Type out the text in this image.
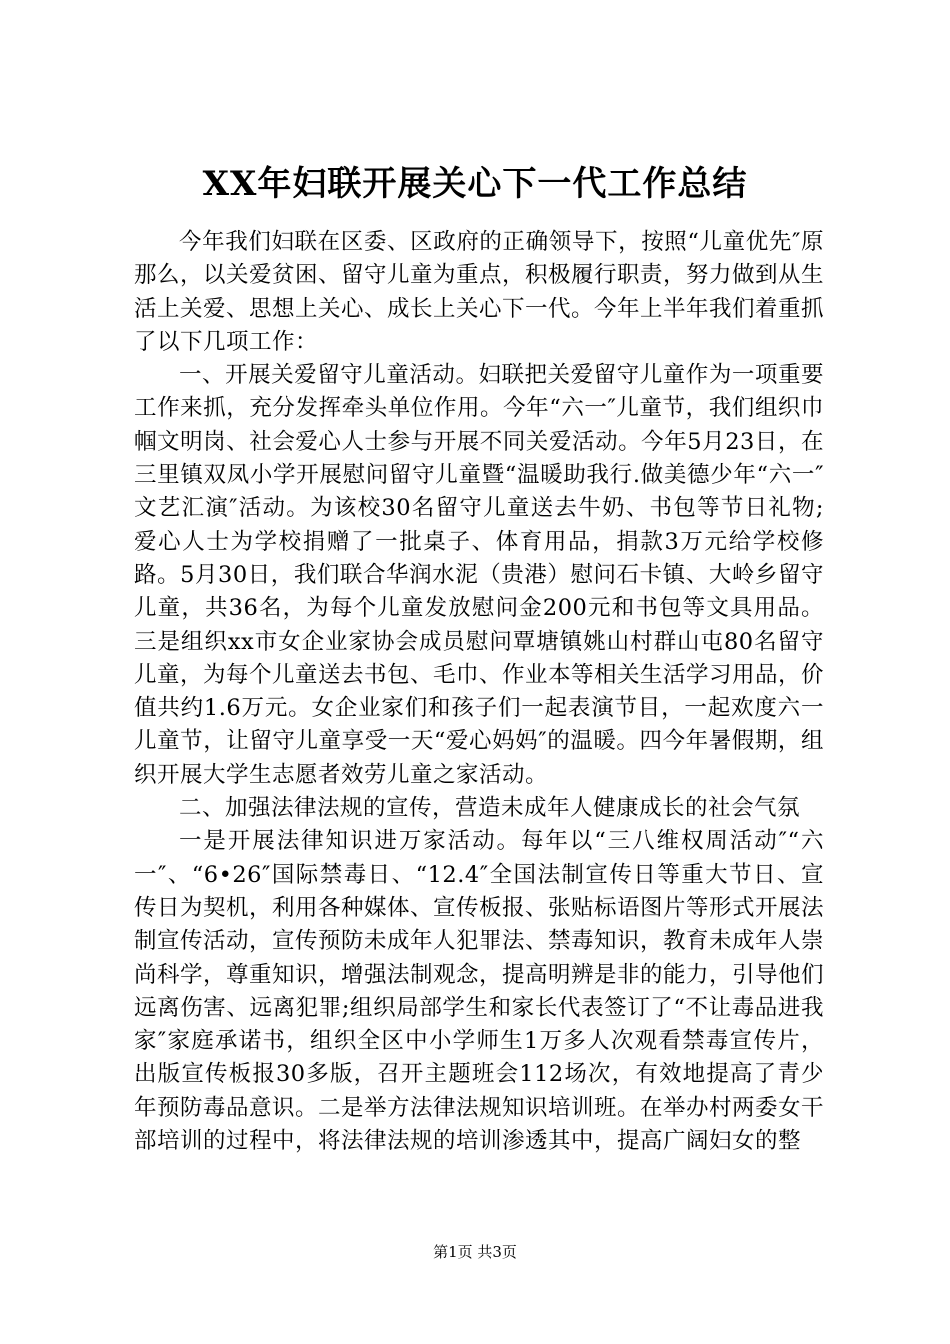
XX年妇联开展关心下一代工作总结

今年我们妇联在区委、区政府的正确领导下，按照“儿童优先″原那么，以关爱贫困、留守儿童为重点，积极履行职责，努力做到从生活上关爱、思想上关心、成长上关心下一代。今年上半年我们着重抓了以下几项工作：

一、开展关爱留守儿童活动。妇联把关爱留守儿童作为一项重要工作来抓，充分发挥牵头单位作用。今年“六一″儿童节，我们组织巾帼文明岗、社会爱心人士参与开展不同关爱活动。今年5月23日，在三里镇双凤小学开展慰问留守儿童暨“温暖助我行.做美德少年“六一″文艺汇演″活动。为该校30名留守儿童送去牛奶、书包等节日礼物;爱心人士为学校捐赠了一批桌子、体育用品，捐款3万元给学校修路。5月30日，我们联合华润水泥（贵港）慰问石卡镇、大岭乡留守儿童，共36名，为每个儿童发放慰问金200元和书包等文具用品。三是组织xx市女企业家协会成员慰问覃塘镇姚山村群山屯80名留守儿童，为每个儿童送去书包、毛巾、作业本等相关生活学习用品，价值共约1.6万元。女企业家们和孩子们一起表演节目，一起欢度六一儿童节，让留守儿童享受一天“爱心妈妈″的温暖。四今年暑假期，组织开展大学生志愿者效劳儿童之家活动。

二、加强法律法规的宣传，营造未成年人健康成长的社会气氛

一是开展法律知识进万家活动。每年以“三八维权周活动″“六一″、“6•26″国际禁毒日、“12.4″全国法制宣传日等重大节日、宣传日为契机，利用各种媒体、宣传板报、张贴标语图片等形式开展法制宣传活动，宣传预防未成年人犯罪法、禁毒知识，教育未成年人崇尚科学，尊重知识，增强法制观念，提高明辨是非的能力，引导他们远离伤害、远离犯罪;组织局部学生和家长代表签订了“不让毒品进我家″家庭承诺书，组织全区中小学师生1万多人次观看禁毒宣传片，出版宣传板报30多版，召开主题班会112场次，有效地提高了青少年预防毒品意识。二是举方法律法规知识培训班。在举办村两委女干部培训的过程中，将法律法规的培训渗透其中，提高广阔妇女的整

第1页 共3页
